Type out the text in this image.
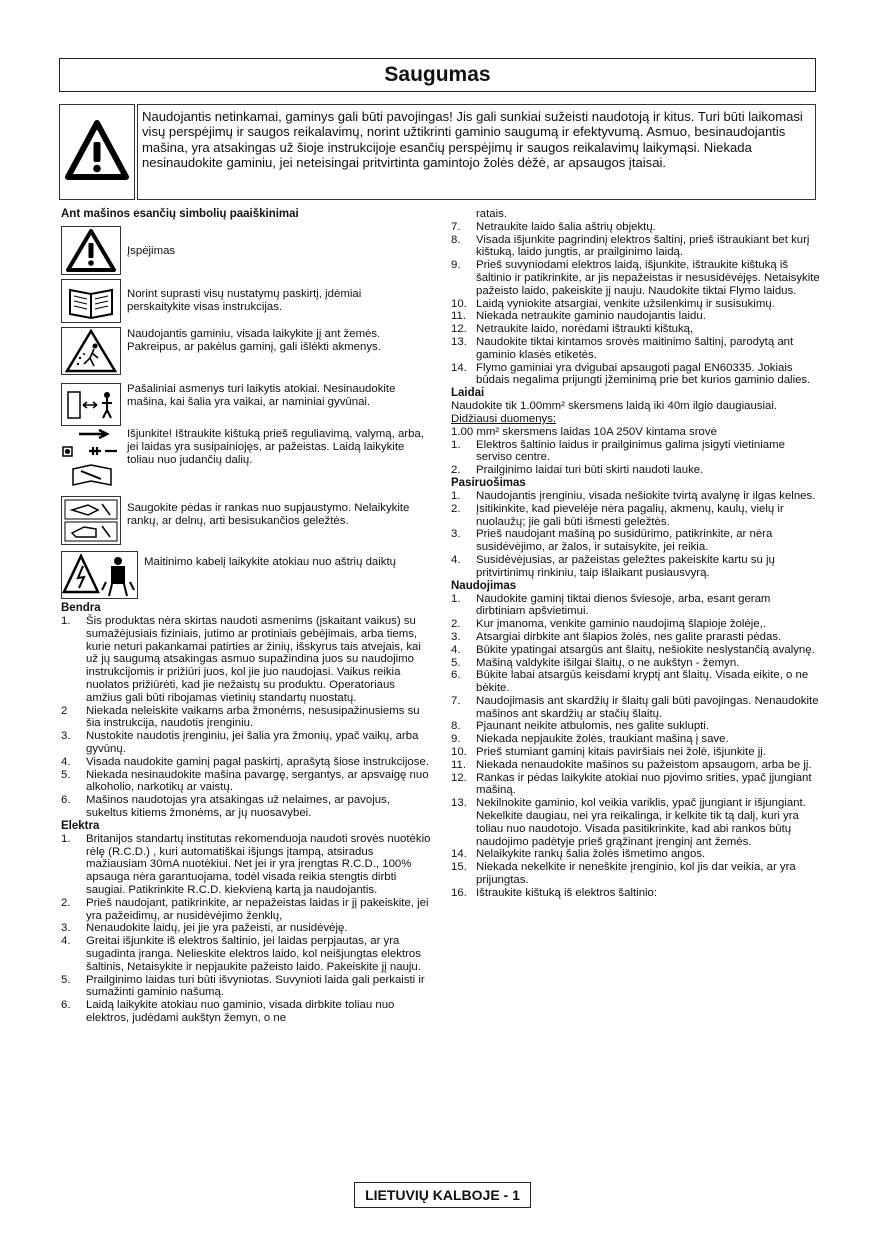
Saugumas
Naudojantis netinkamai, gaminys gali būti pavojingas! Jis gali sunkiai sužeisti naudotoją ir kitus. Turi būti laikomasi visų perspėjimų ir saugos reikalavimų, norint užtikrinti gaminio saugumą ir efektyvumą. Asmuo, besinaudojantis mašina, yra atsakingas už šioje instrukcijoje esančių perspėjimų ir saugos reikalavimų laikymąsi. Niekada nesinaudokite gaminiu, jei neteisingai pritvirtinta gamintojo žolės dėžė, ar apsaugos įtaisai.
Ant mašinos esančių simbolių paaiškinimai
Įspėjimas
Norint suprasti visų nustatymų paskirtį, įdėmiai perskaitykite visas instrukcijas.
Naudojantis gaminiu, visada laikykite jį ant žemės. Pakreipus, ar pakėlus gaminį, gali išlėkti akmenys.
Pašaliniai asmenys turi laikytis atokiai. Nesinaudokite mašina, kai šalia yra vaikai, ar naminiai gyvūnai.
Išjunkite! Ištraukite kištuką prieš reguliavimą, valymą, arba, jei laidas yra susipainiojęs, ar pažeistas. Laidą laikykite toliau nuo judančių dalių.
Saugokite pėdas ir rankas nuo supjaustymo. Nelaikykite rankų, ar delnų, arti besisukančios geležtės.
Maitinimo kabelį laikykite atokiau nuo aštrių daiktų
Bendra
1. Šis produktas nėra skirtas naudoti asmenims (įskaitant vaikus) su sumažėjusiais fiziniais, jutimo ar protiniais gebėjimais, arba tiems, kurie neturi pakankamai patirties ar žinių, išskyrus tais atvejais, kai už jų saugumą atsakingas asmuo supažindina juos su naudojimo instrukcijomis ir prižiūri juos, kol jie juo naudojasi. Vaikus reikia nuolatos prižiūrėti, kad jie nežaistų su produktu. Operatoriaus amžius gali būti ribojamas vietinių standartų nuostatų.
2 Niekada neleiskite vaikams arba žmonėms, nesusipažinusiems su šia instrukcija, naudotis įrenginiu.
3. Nustokite naudotis įrenginiu, jei šalia yra žmonių, ypač vaikų, arba gyvūnų.
4. Visada naudokite gaminį pagal paskirtį, aprašytą šiose instrukcijose.
5. Niekada nesinaudokite mašina pavargę, sergantys, ar apsvaigę nuo alkoholio, narkotikų ar vaistų.
6. Mašinos naudotojas yra atsakingas už nelaimes, ar pavojus, sukeltus kitiems žmonėms, ar jų nuosavybei.
Elektra
1. Britanijos standartų institutas rekomenduoja naudoti srovės nuotėkio rėlę (R.C.D.) , kuri automatiškai išjungs įtampą, atsiradus mažiausiam 30mA nuotėkiui. Net jei ir yra įrengtas R.C.D., 100% apsauga nėra garantuojama, todėl visada reikia stengtis dirbti saugiai. Patikrinkite R.C.D. kiekvieną kartą ja naudojantis.
2. Prieš naudojant, patikrinkite, ar nepažeistas laidas ir jį pakeiskite, jei yra pažeidimų, ar nusidėvėjimo ženklų,
3. Nenaudokite laidų, jei jie yra pažeisti, ar nusidėvėję.
4. Greitai išjunkite iš elektros šaltinio, jei laidas perpjautas, ar yra sugadinta įranga. Nelieskite elektros laido, kol neišjungtas elektros šaltinis, Netaisykite ir nepjaukite pažeisto laido. Pakeiskite jį nauju.
5. Prailginimo laidas turi būti išvyniotas. Suvynioti laida gali perkaisti ir sumažinti gaminio našumą.
6. Laidą laikykite atokiau nuo gaminio, visada dirbkite toliau nuo elektros, judėdami aukštyn žemyn, o ne
ratais.
7. Netraukite laido šalia aštrių objektų.
8. Visada išjunkite pagrindinį elektros šaltinį, prieš ištraukiant bet kurį kištuką, laido jungtis, ar prailginimo laidą.
9. Prieš suvyniodami elektros laidą, išjunkite, ištraukite kištuką iš šaltinio ir patikrinkite, ar jis nepažeistas ir nesusidėvėjęs. Netaisykite pažeisto laido, pakeiskite jį nauju. Naudokite tiktai Flymo laidus.
10. Laidą vyniokite atsargiai, venkite užsilenkimų ir susisukimų.
11. Niekada netraukite gaminio naudojantis laidu.
12. Netraukite laido, norėdami ištraukti kištuką,
13. Naudokite tiktai kintamos srovės maitinimo šaltinį, parodytą ant gaminio klasės etiketės.
14. Flymo gaminiai yra dvigubai apsaugoti pagal EN60335. Jokiais būdais negalima prijungti įžeminimą prie bet kurios gaminio dalies.
Laidai
Naudokite tik 1.00mm² skersmens laidą iki 40m ilgio daugiausiai.
Didžiausi duomenys:
1.00 mm² skersmens laidas 10A 250V kintama srovė
1. Elektros šaltinio laidus ir prailginimus galima įsigyti vietiniame serviso centre.
2. Prailginimo laidai turi būti skirti naudoti lauke.
Pasiruošimas
1. Naudojantis įrenginiu, visada nešiokite tvirtą avalynę ir ilgas kelnes.
2. Įsitikinkite, kad pievelėje nėra pagalių, akmenų, kaulų, vielų ir nuolaužų; jie gali būti išmesti geležtės.
3. Prieš naudojant mašiną po susidūrimo, patikrinkite, ar nėra susidėvėjimo, ar žalos, ir sutaisykite, jei reikia.
4. Susidėvėjusias, ar pažeistas geležtes pakeiskite kartu su jų pritvirtinimų rinkiniu, taip išlaikant pusiausvyrą.
Naudojimas
1. Naudokite gaminį tiktai dienos šviesoje, arba, esant geram dirbtiniam apšvietimui.
2. Kur įmanoma, venkite gaminio naudojimą šlapioje žolėje,.
3. Atsargiai dirbkite ant šlapios žolės, nes galite prarasti pėdas.
4. Būkite ypatingai atsargūs ant šlaitų, nešiokite neslystančią avalynę.
5. Mašiną valdykite išilgai šlaitų, o ne aukštyn - žemyn.
6. Būkite labai atsargūs keisdami kryptį ant šlaitų. Visada eikite, o ne bėkite.
7. Naudojimasis ant skardžių ir šlaitų gali būti pavojingas. Nenaudokite mašinos ant skardžių ar stačių šlaitų.
8. Pjaunant neikite atbulomis, nes galite suklupti.
9. Niekada nepjaukite žolės, traukiant mašiną į save.
10. Prieš stumiant gaminį kitais paviršiais nei žolė, išjunkite jį.
11. Niekada nenaudokite mašinos su pažeistom apsaugom, arba be jį.
12. Rankas ir pėdas laikykite atokiai nuo pjovimo srities, ypač įjungiant mašiną.
13. Nekilnokite gaminio, kol veikia variklis, ypač įjungiant ir išjungiant. Nekelkite daugiau, nei yra reikalinga, ir kelkite tik tą dalį, kuri yra toliau nuo naudotojo. Visada pasitikrinkite, kad abi rankos būtų naudojimo padėtyje prieš grąžinant įrenginį ant žemės.
14. Nelaikykite rankų šalia žolės išmetimo angos.
15. Niekada nekelkite ir neneškite įrenginio, kol jis dar veikia, ar yra prijungtas.
16. Ištraukite kištuką iš elektros šaltinio:
LIETUVIŲ KALBOJE - 1
